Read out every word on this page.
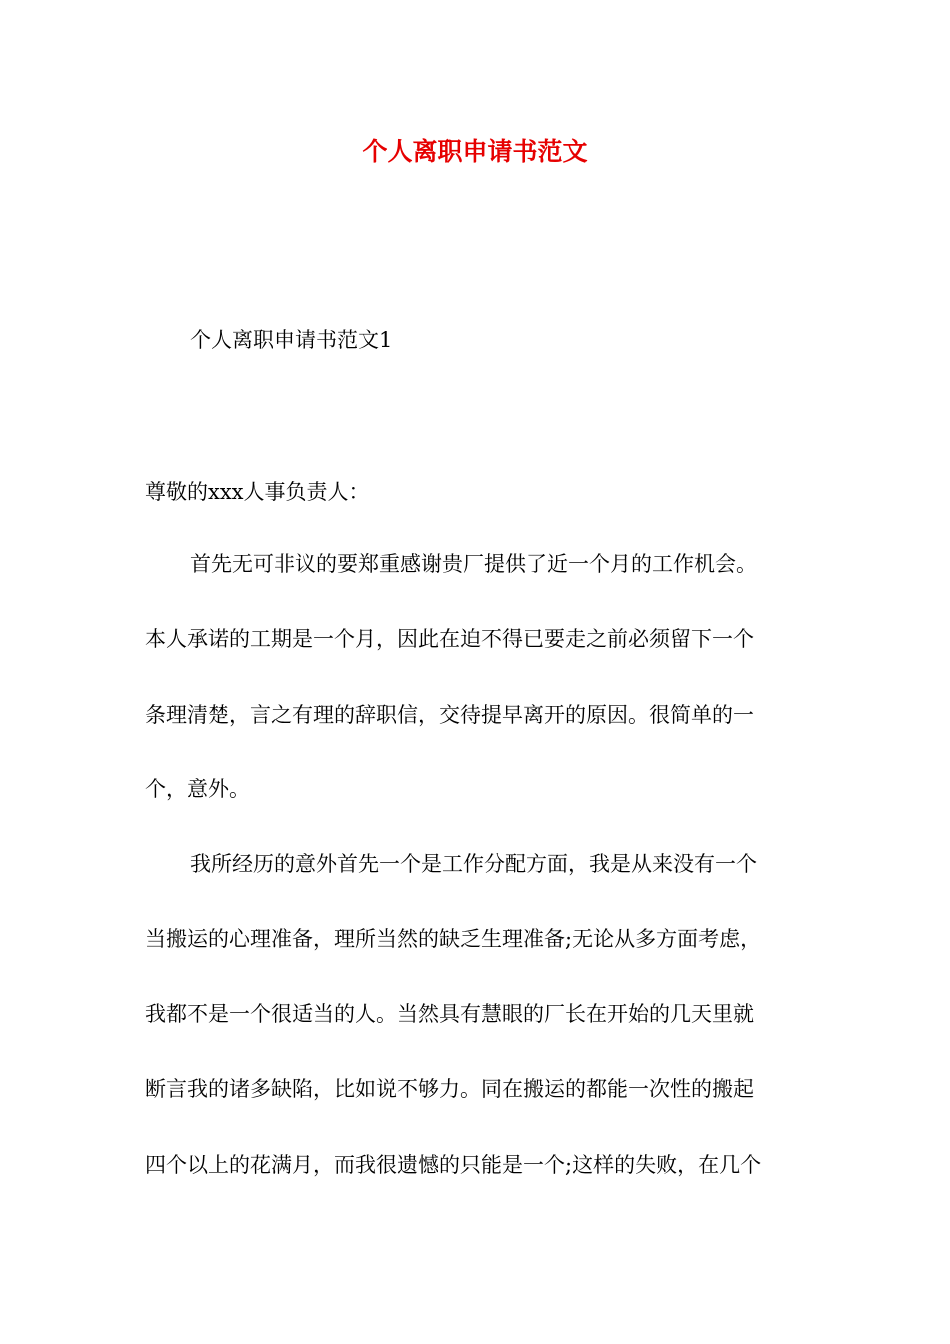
个人离职申请书范文

个人离职申请书范文1

尊敬的xxx人事负责人：

首先无可非议的要郑重感谢贵厂提供了近一个月的工作机会。

本人承诺的工期是一个月，因此在迫不得已要走之前必须留下一个

条理清楚，言之有理的辞职信，交待提早离开的原因。很简单的一

个，意外。

我所经历的意外首先一个是工作分配方面，我是从来没有一个

当搬运的心理准备，理所当然的缺乏生理准备;无论从多方面考虑，

我都不是一个很适当的人。当然具有慧眼的厂长在开始的几天里就

断言我的诸多缺陷，比如说不够力。同在搬运的都能一次性的搬起

四个以上的花满月，而我很遗憾的只能是一个;这样的失败，在几个
